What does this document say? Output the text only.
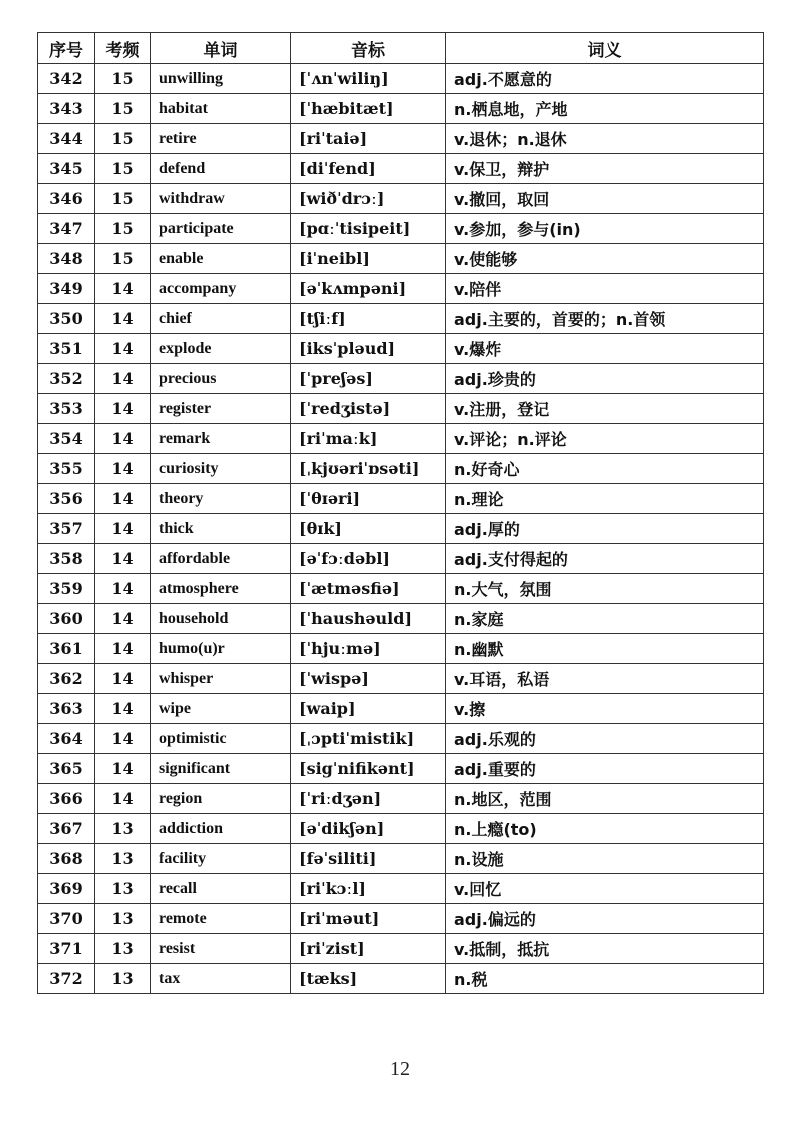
序号	考频	单词	音标	词义
342	15	unwilling	[ˈʌnˈwiliŋ]	adj.不愿意的
343	15	habitat	[ˈhæbitæt]	n.栖息地，产地
344	15	retire	[riˈtaiə]	v.退休；n.退休
345	15	defend	[diˈfend]	v.保卫，辩护
346	15	withdraw	[wiðˈdrɔː]	v.撤回，取回
347	15	participate	[pɑːˈtisipeit]	v.参加，参与(in)
348	15	enable	[iˈneibl]	v.使能够
349	14	accompany	[əˈkʌmpəni]	v.陪伴
350	14	chief	[tʃiːf]	adj.主要的，首要的；n.首领
351	14	explode	[iksˈpləud]	v.爆炸
352	14	precious	[ˈpreʃəs]	adj.珍贵的
353	14	register	[ˈredʒistə]	v.注册，登记
354	14	remark	[riˈmaːk]	v.评论；n.评论
355	14	curiosity	[ˌkjʊəriˈɒsəti]	n.好奇心
356	14	theory	[ˈθɪəri]	n.理论
357	14	thick	[θɪk]	adj.厚的
358	14	affordable	[əˈfɔːdəbl]	adj.支付得起的
359	14	atmosphere	[ˈætməsfiə]	n.大气，氛围
360	14	household	[ˈhaushəuld]	n.家庭
361	14	humo(u)r	[ˈhjuːmə]	n.幽默
362	14	whisper	[ˈwispə]	v.耳语，私语
363	14	wipe	[waip]	v.擦
364	14	optimistic	[ˌɔptiˈmistik]	adj.乐观的
365	14	significant	[sigˈnifikənt]	adj.重要的
366	14	region	[ˈriːdʒən]	n.地区，范围
367	13	addiction	[əˈdikʃən]	n.上瘾(to)
368	13	facility	[fəˈsiliti]	n.设施
369	13	recall	[riˈkɔːl]	v.回忆
370	13	remote	[riˈməut]	adj.偏远的
371	13	resist	[riˈzist]	v.抵制，抵抗
372	13	tax	[tæks]	n.税
12
